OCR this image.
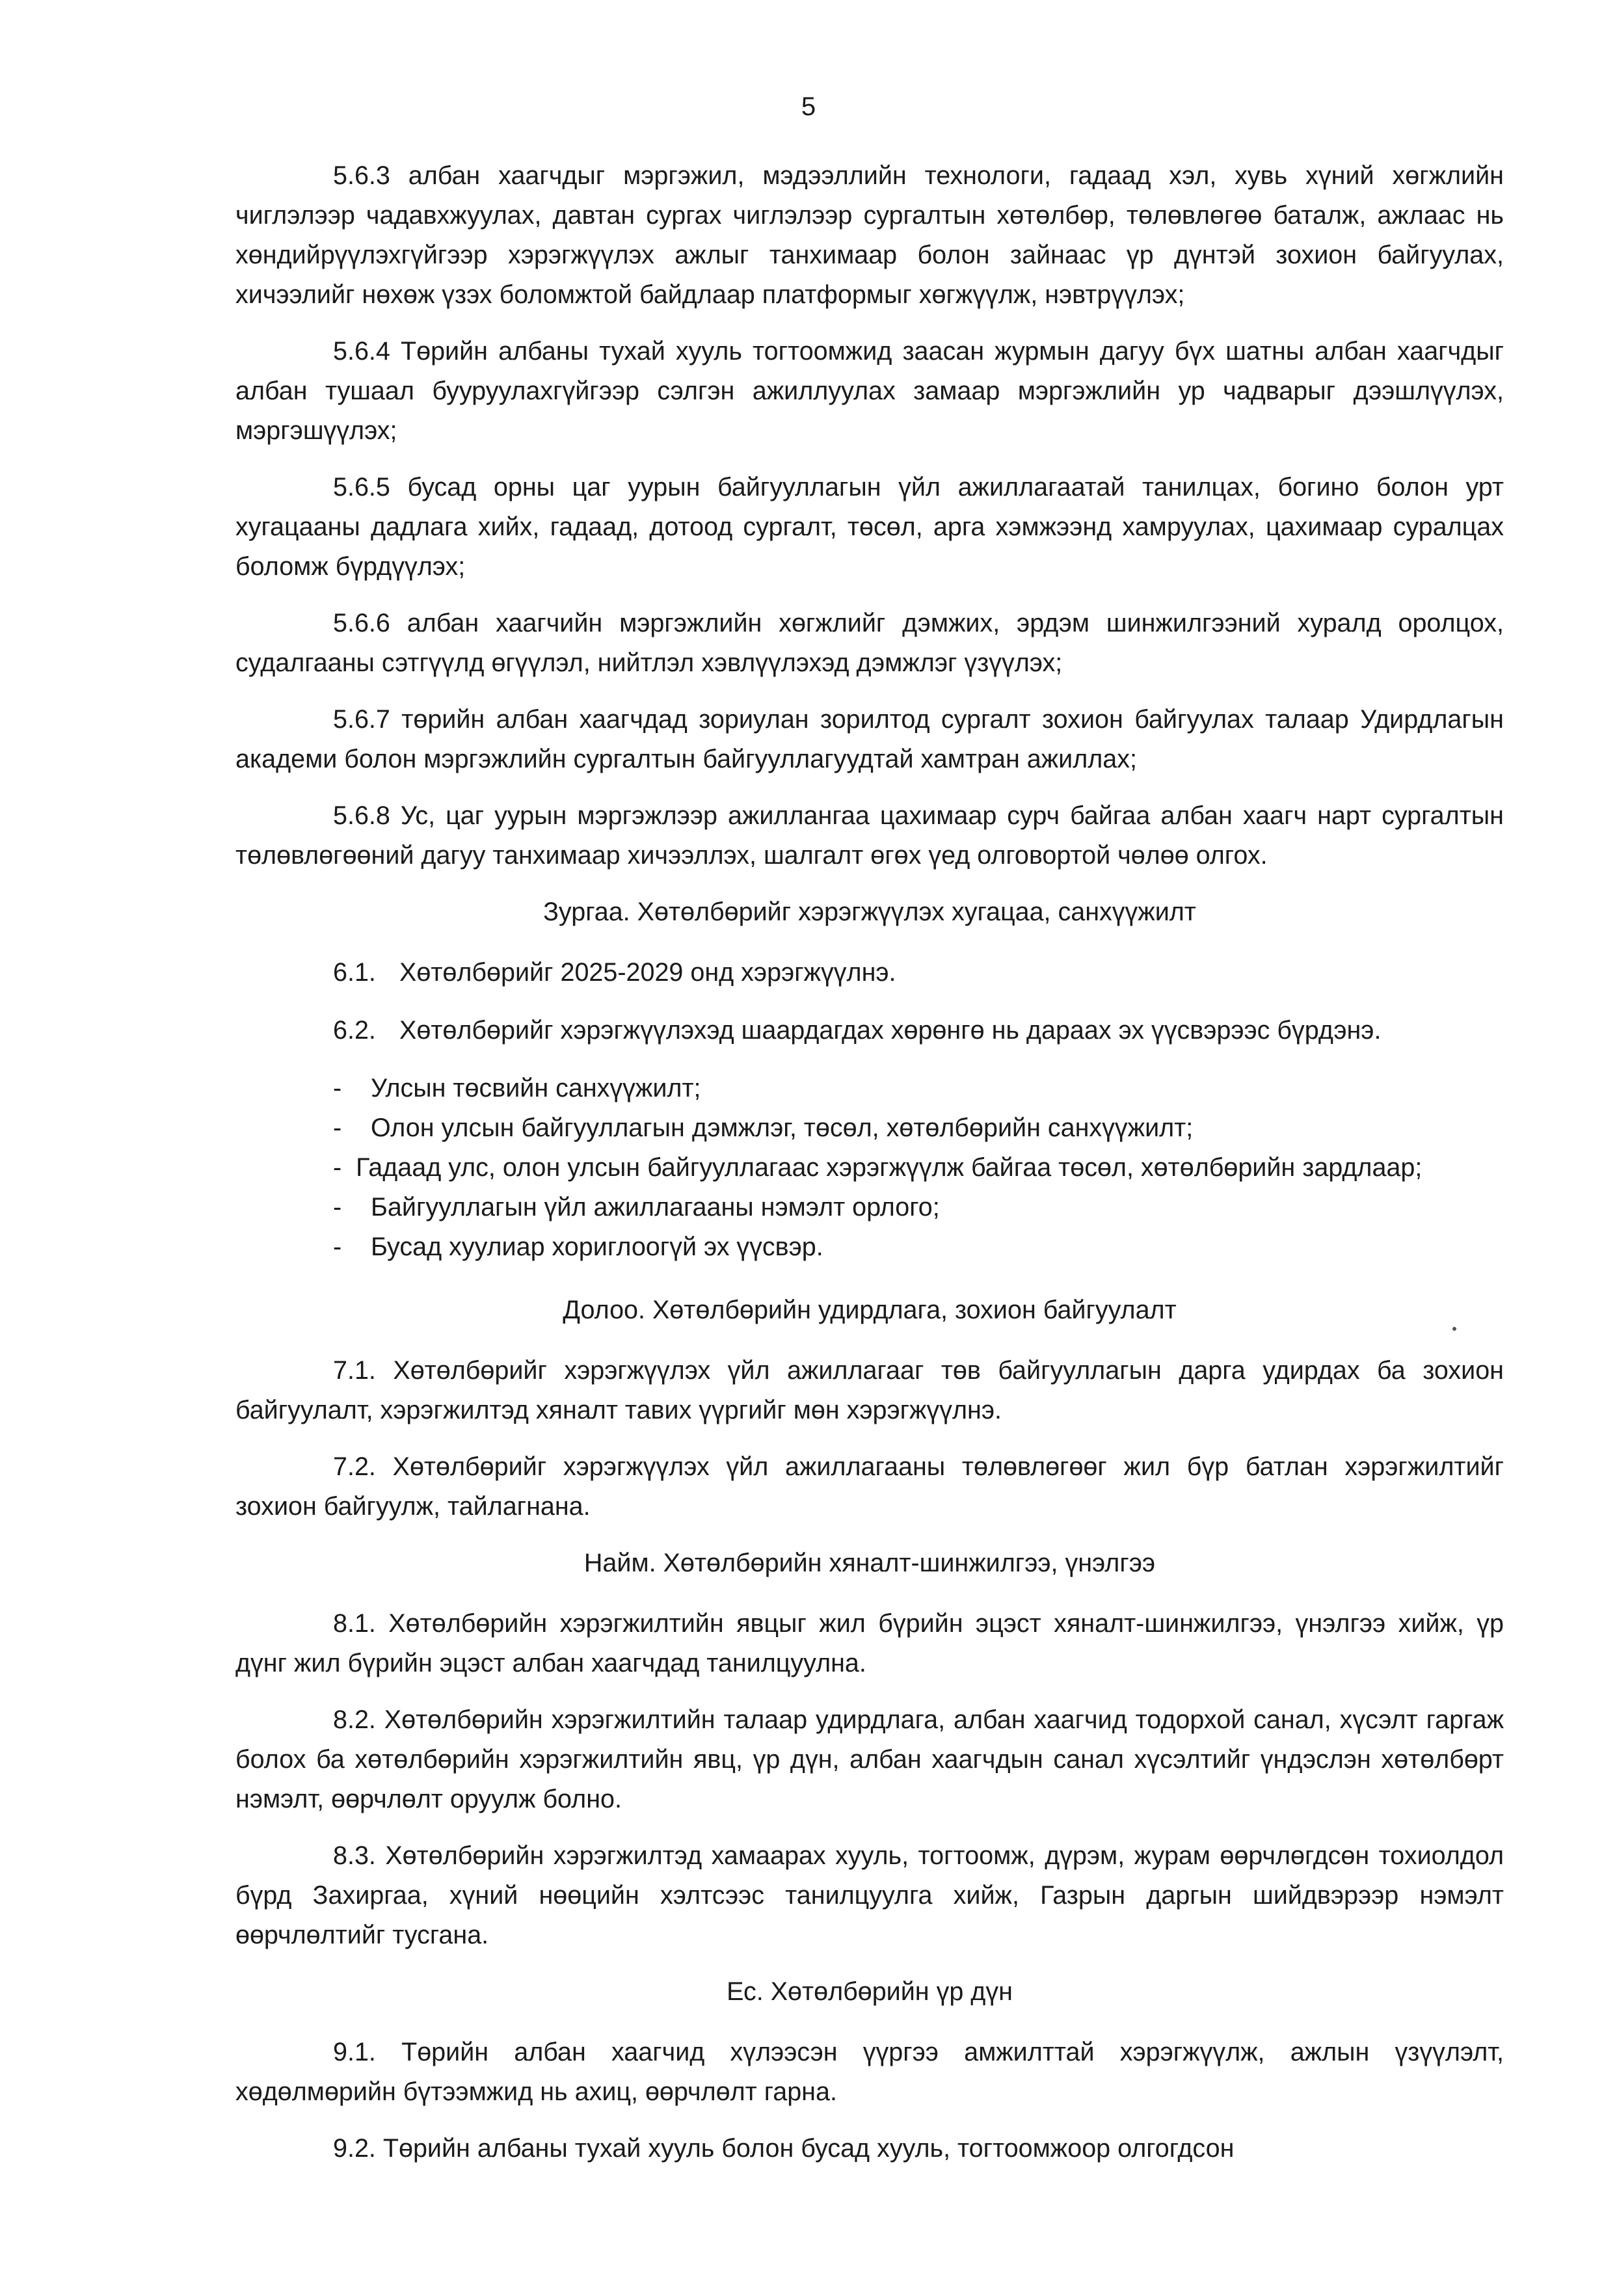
5

5.6.3 албан хаагчдыг мэргэжил, мэдээллийн технологи, гадаад хэл, хувь хүний хөгжлийн чиглэлээр чадавхжуулах, давтан сургах чиглэлээр сургалтын хөтөлбөр, төлөвлөгөө баталж, ажлаас нь хөндийрүүлэхгүйгээр хэрэгжүүлэх ажлыг танхимаар болон зайнаас үр дүнтэй зохион байгуулах, хичээлийг нөхөж үзэх боломжтой байдлаар платформыг хөгжүүлж, нэвтрүүлэх;

5.6.4 Төрийн албаны тухай хууль тогтоомжид заасан журмын дагуу бүх шатны албан хаагчдыг албан тушаал бууруулахгүйгээр сэлгэн ажиллуулах замаар мэргэжлийн ур чадварыг дээшлүүлэх, мэргэшүүлэх;

5.6.5 бусад орны цаг уурын байгууллагын үйл ажиллагаатай танилцах, богино болон урт хугацааны дадлага хийх, гадаад, дотоод сургалт, төсөл, арга хэмжээнд хамруулах, цахимаар суралцах боломж бүрдүүлэх;

5.6.6 албан хаагчийн мэргэжлийн хөгжлийг дэмжих, эрдэм шинжилгээний хуралд оролцох, судалгааны сэтгүүлд өгүүлэл, нийтлэл хэвлүүлэхэд дэмжлэг үзүүлэх;

5.6.7 төрийн албан хаагчдад зориулан зорилтод сургалт зохион байгуулах талаар Удирдлагын академи болон мэргэжлийн сургалтын байгууллагуудтай хамтран ажиллах;

5.6.8 Ус, цаг уурын мэргэжлээр ажиллангаа цахимаар сурч байгаа албан хаагч нарт сургалтын төлөвлөгөөний дагуу танхимаар хичээллэх, шалгалт өгөх үед олговортой чөлөө олгох.

Зургаа. Хөтөлбөрийг хэрэгжүүлэх хугацаа, санхүүжилт
6.1. Хөтөлбөрийг 2025-2029 онд хэрэгжүүлнэ.
6.2. Хөтөлбөрийг хэрэгжүүлэхэд шаардагдах хөрөнгө нь дараах эх үүсвэрээс бүрдэнэ.
-	Улсын төсвийн санхүүжилт;
-	Олон улсын байгууллагын дэмжлэг, төсөл, хөтөлбөрийн санхүүжилт;
-  Гадаад улс, олон улсын байгууллагаас хэрэгжүүлж байгаа төсөл, хөтөлбөрийн зардлаар;
-	Байгууллагын үйл ажиллагааны нэмэлт орлого;
-	Бусад хуулиар хориглоогүй эх үүсвэр.
Долоо. Хөтөлбөрийн удирдлага, зохион байгуулалт

7.1. Хөтөлбөрийг хэрэгжүүлэх үйл ажиллагааг төв байгууллагын дарга удирдах ба зохион байгуулалт, хэрэгжилтэд хяналт тавих үүргийг мөн хэрэгжүүлнэ.

7.2. Хөтөлбөрийг хэрэгжүүлэх үйл ажиллагааны төлөвлөгөөг жил бүр батлан хэрэгжилтийг зохион байгуулж, тайлагнана.

Найм. Хөтөлбөрийн хяналт-шинжилгээ, үнэлгээ

8.1. Хөтөлбөрийн хэрэгжилтийн явцыг жил бүрийн эцэст хяналт-шинжилгээ, үнэлгээ хийж, үр дүнг жил бүрийн эцэст албан хаагчдад танилцуулна.

8.2. Хөтөлбөрийн хэрэгжилтийн талаар удирдлага, албан хаагчид тодорхой санал, хүсэлт гаргаж болох ба хөтөлбөрийн хэрэгжилтийн явц, үр дүн, албан хаагчдын санал хүсэлтийг үндэслэн хөтөлбөрт нэмэлт, өөрчлөлт оруулж болно.

8.3. Хөтөлбөрийн хэрэгжилтэд хамаарах хууль, тогтоомж, дүрэм, журам өөрчлөгдсөн тохиолдол бүрд Захиргаа, хүний нөөцийн хэлтсээс танилцуулга хийж, Газрын даргын шийдвэрээр нэмэлт өөрчлөлтийг тусгана.

Ес. Хөтөлбөрийн үр дүн

9.1. Төрийн албан хаагчид хүлээсэн үүргээ амжилттай хэрэгжүүлж, ажлын үзүүлэлт, хөдөлмөрийн бүтээмжид нь ахиц, өөрчлөлт гарна.

9.2. Төрийн албаны тухай хууль болон бусад хууль, тогтоомжоор олгогдсон
